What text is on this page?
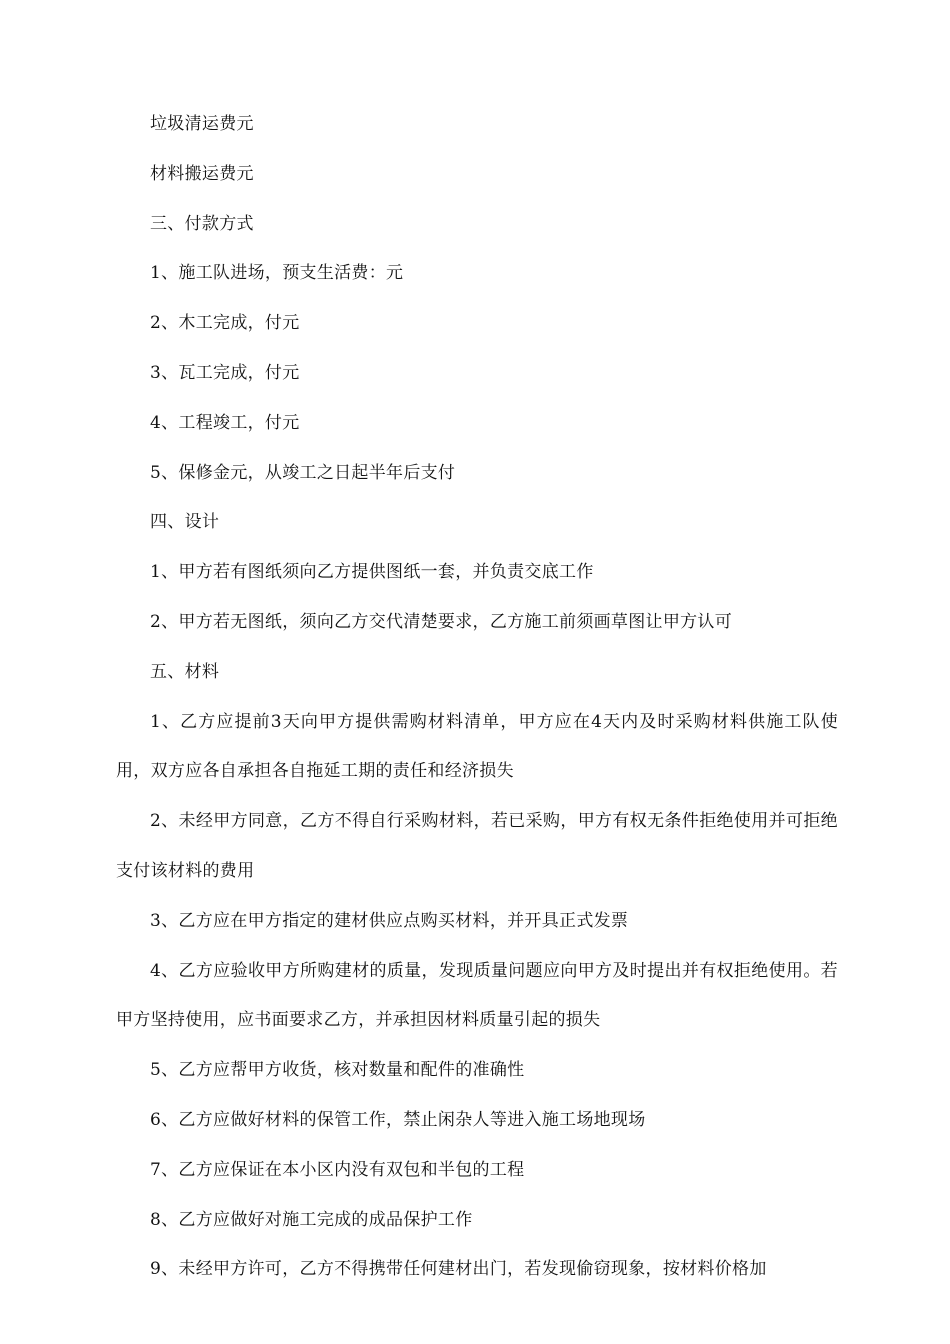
垃圾清运费元

材料搬运费元

三、付款方式

1、施工队进场，预支生活费：元

2、木工完成，付元

3、瓦工完成，付元

4、工程竣工，付元

5、保修金元，从竣工之日起半年后支付

四、设计

1、甲方若有图纸须向乙方提供图纸一套，并负责交底工作

2、甲方若无图纸，须向乙方交代清楚要求，乙方施工前须画草图让甲方认可

五、材料

1、乙方应提前3天向甲方提供需购材料清单，甲方应在4天内及时采购材料供施工队使用，双方应各自承担各自拖延工期的责任和经济损失

2、未经甲方同意，乙方不得自行采购材料，若已采购，甲方有权无条件拒绝使用并可拒绝支付该材料的费用

3、乙方应在甲方指定的建材供应点购买材料，并开具正式发票

4、乙方应验收甲方所购建材的质量，发现质量问题应向甲方及时提出并有权拒绝使用。若甲方坚持使用，应书面要求乙方，并承担因材料质量引起的损失

5、乙方应帮甲方收货，核对数量和配件的准确性

6、乙方应做好材料的保管工作，禁止闲杂人等进入施工场地现场

7、乙方应保证在本小区内没有双包和半包的工程

8、乙方应做好对施工完成的成品保护工作

9、未经甲方许可，乙方不得携带任何建材出门，若发现偷窃现象，按材料价格加
